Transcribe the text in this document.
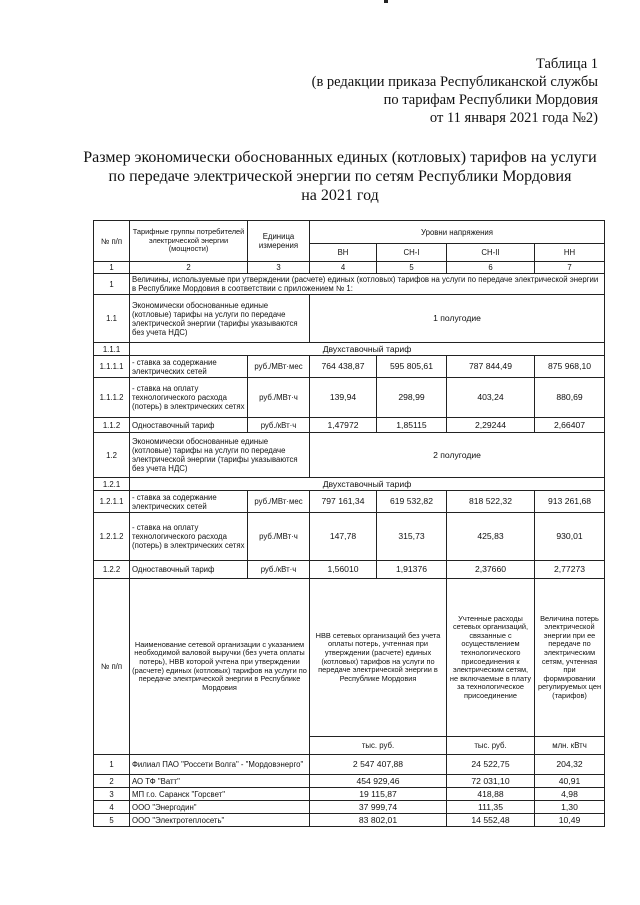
Таблица 1
(в редакции приказа Республиканской службы
по тарифам Республики Мордовия
от 11 января 2021 года №2)
Размер экономически обоснованных единых (котловых) тарифов на услуги
по передаче электрической энергии по сетям Республики Мордовия
на 2021 год
№ п/п	Тарифные группы потребителей электрической энергии (мощности)	Единица измерения	Уровни напряжения			
			ВН	СН-I	СН-II	НН
1	2	3	4	5	6	7
1	Величины, используемые при утверждении (расчете) единых (котловых) тарифов на услуги по передаче электрической энергии в Республике Мордовия в соответствии с приложением № 1:					
1.1	Экономически обоснованные единые (котловые) тарифы на услуги по передаче электрической энергии (тарифы указываются без учета НДС)		1 полугодие			
1.1.1	Двухставочный тариф					
1.1.1.1	- ставка за содержание электрических сетей	руб./МВт·мес	764 438,87	595 805,61	787 844,49	875 968,10
1.1.1.2	- ставка на оплату технологического расхода (потерь) в электрических сетях	руб./МВт·ч	139,94	298,99	403,24	880,69
1.1.2	Одноставочный тариф	руб./кВт·ч	1,47972	1,85115	2,29244	2,66407
1.2	Экономически обоснованные единые (котловые) тарифы на услуги по передаче электрической энергии (тарифы указываются без учета НДС)		2 полугодие			
1.2.1	Двухставочный тариф					
1.2.1.1	- ставка за содержание электрических сетей	руб./МВт·мес	797 161,34	619 532,82	818 522,32	913 261,68
1.2.1.2	- ставка на оплату технологического расхода (потерь) в электрических сетях	руб./МВт·ч	147,78	315,73	425,83	930,01
1.2.2	Одноставочный тариф	руб./кВт·ч	1,56010	1,91376	2,37660	2,77273
№ п/п	Наименование сетевой организации с указанием необходимой валовой выручки (без учета оплаты потерь), НВВ которой учтена при утверждении (расчете) единых (котловых) тарифов на услуги по передаче электрической энергии в Республике Мордовия		НВВ сетевых организаций без учета оплаты потерь, учтенная при утверждении (расчете) единых (котловых) тарифов на услуги по передаче электрической энергии в Республике Мордовия		Учтенные расходы сетевых организаций, связанные с осуществлением технологического присоединения к электрическим сетям, не включаемые в плату за технологическое присоединение	Величина потерь электрической энергии при ее передаче по электрическим сетям, учтенная при формировании регулируемых цен (тарифов)
			тыс. руб.		тыс. руб.	млн. кВтч
1	Филиал ПАО "Россети Волга" - "Мордовэнерго"		2 547 407,88		24 522,75	204,32
2	АО ТФ "Ватт"		454 929,46		72 031,10	40,91
3	МП г.о. Саранск "Горсвет"		19 115,87		418,88	4,98
4	ООО "Энергодин"		37 999,74		111,35	1,30
5	ООО "Электротеплосеть"		83 802,01		14 552,48	10,49
